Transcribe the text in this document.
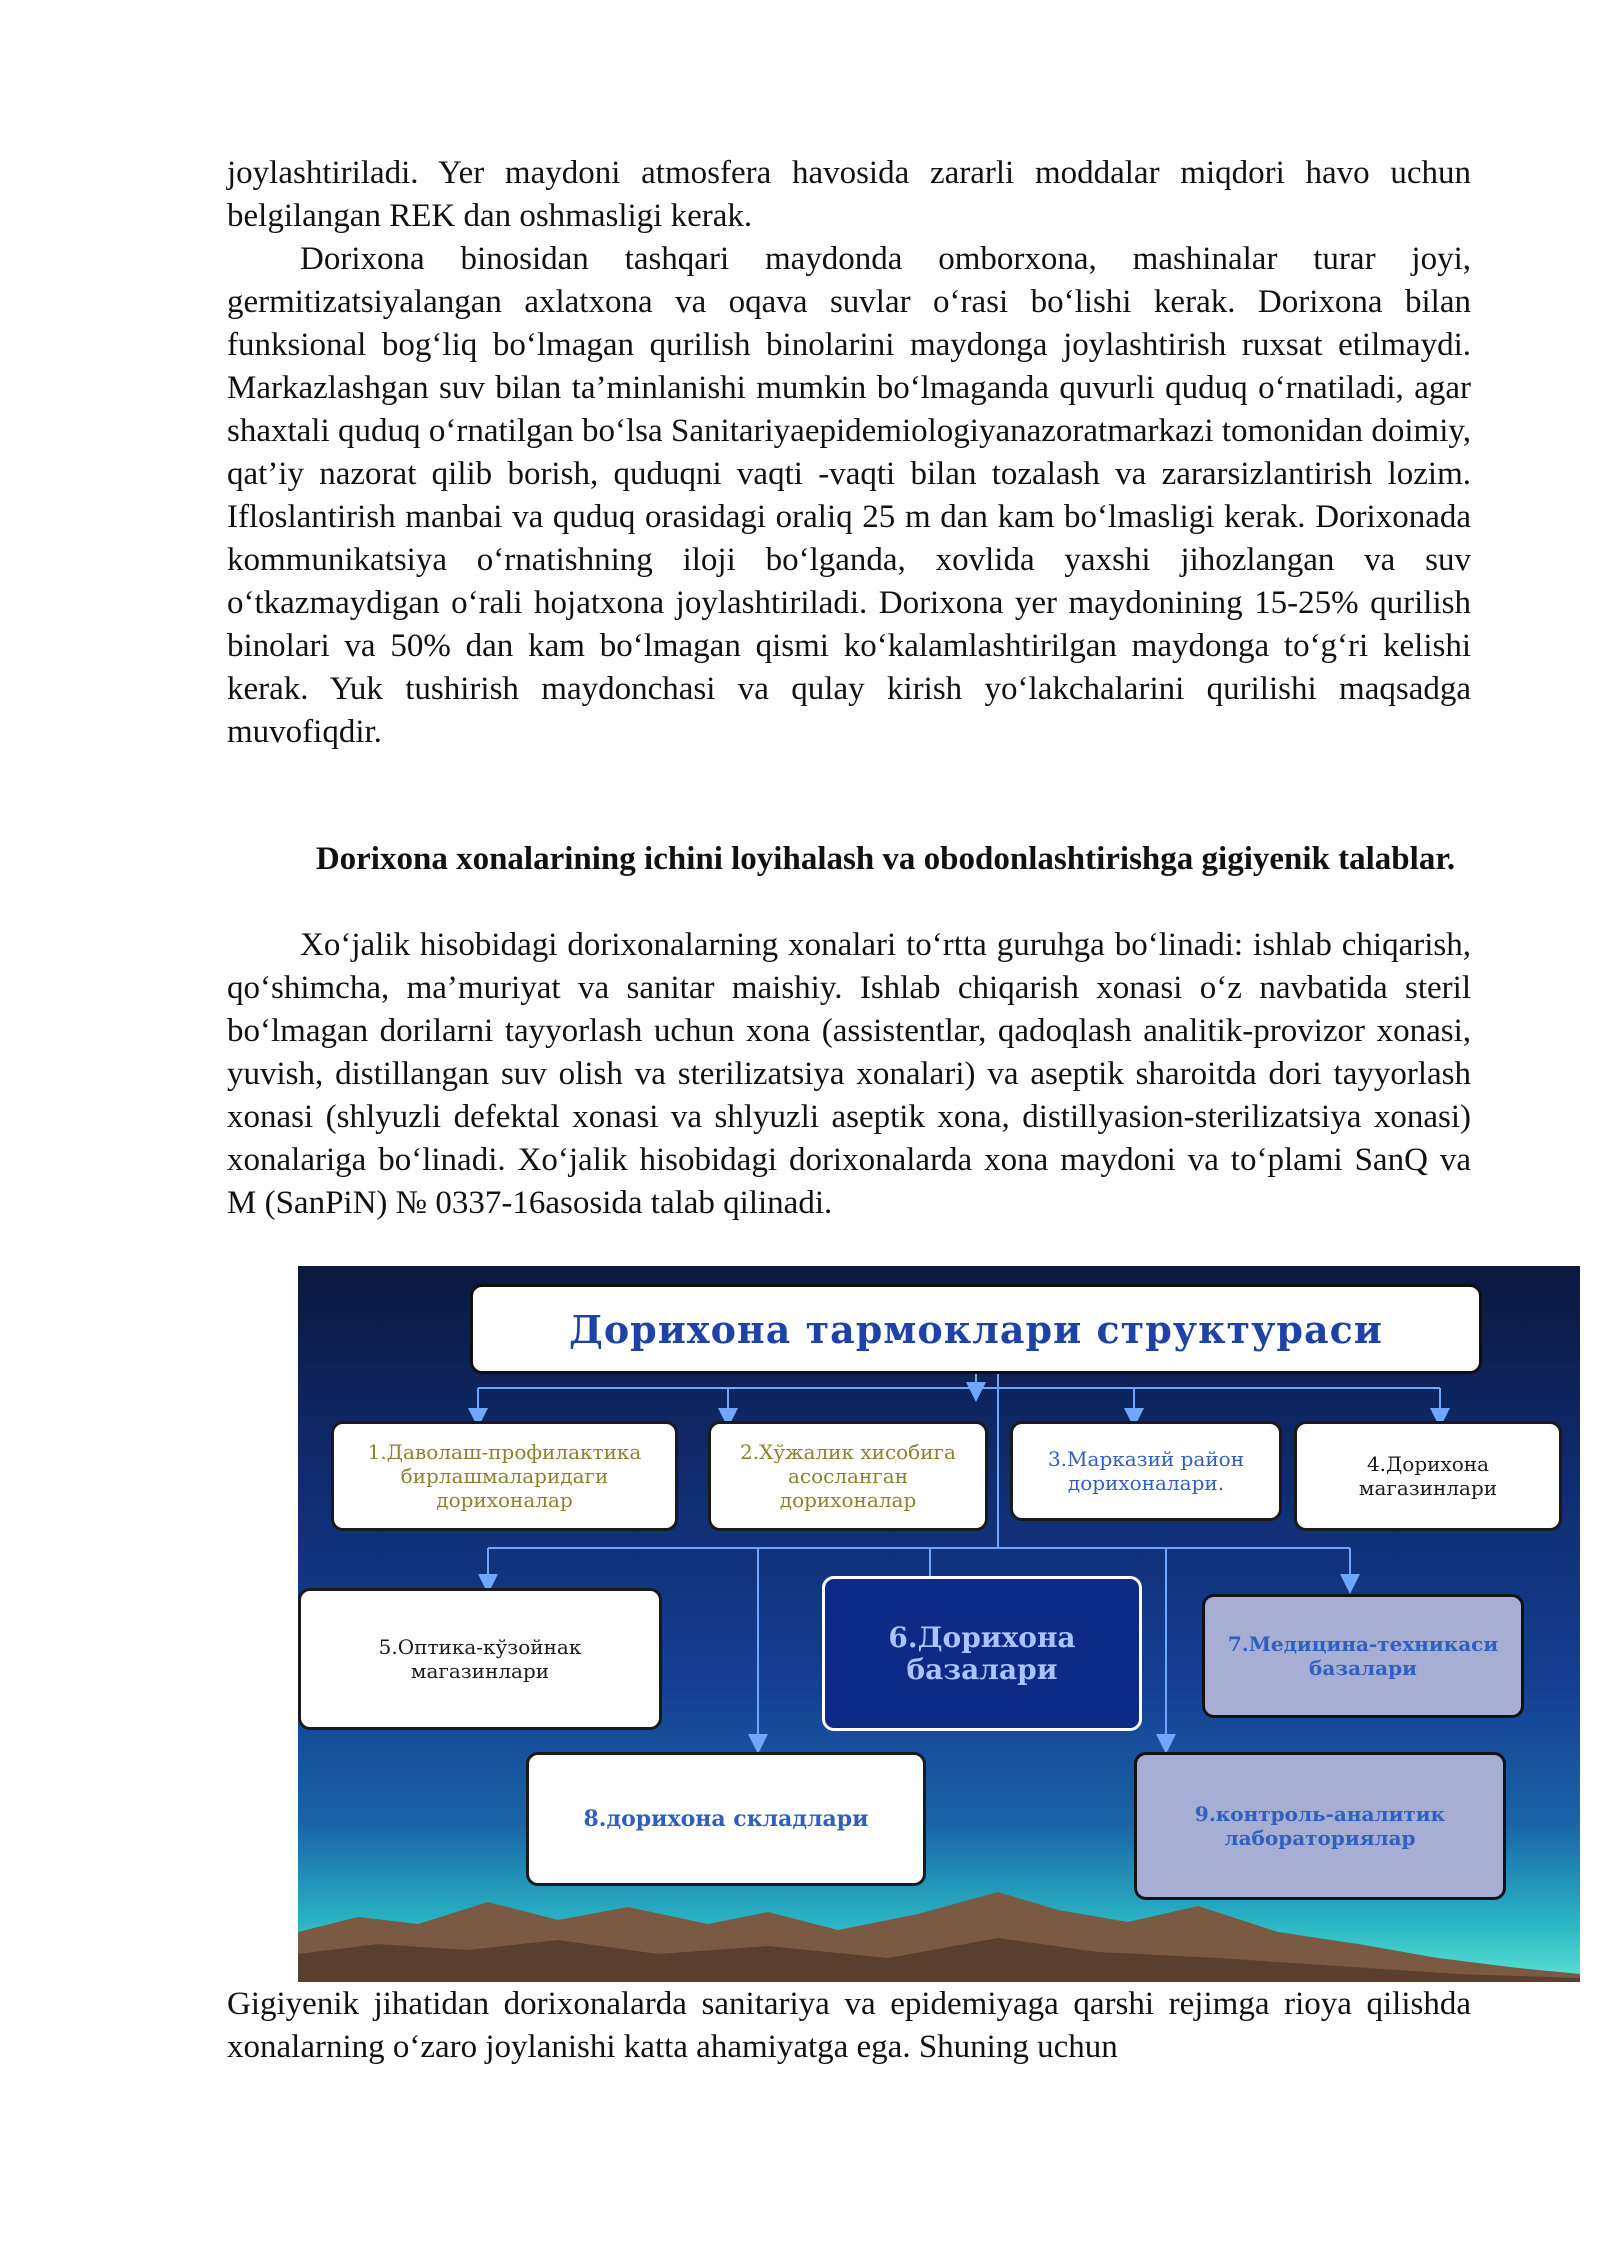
joylashtiriladi. Yer maydoni atmosfera havosida zararli moddalar miqdori havo uchun belgilangan REK dan oshmasligi kerak.

Dorixona binosidan tashqari maydonda omborxona, mashinalar turar joyi, germitizatsiyalangan axlatxona va oqava suvlar o‘rasi bo‘lishi kerak. Dorixona bilan funksional bog‘liq bo‘lmagan qurilish binolarini maydonga joylashtirish ruxsat etilmaydi. Markazlashgan suv bilan ta’minlanishi mumkin bo‘lmaganda quvurli quduq o‘rnatiladi, agar shaxtali quduq o‘rnatilgan bo‘lsa Sanitariyaepidemiologiyanazoratmarkazi tomonidan doimiy, qat’iy nazorat qilib borish, quduqni vaqti -vaqti bilan tozalash va zararsizlantirish lozim. Ifloslantirish manbai va quduq orasidagi oraliq 25 m dan kam bo‘lmasligi kerak. Dorixonada kommunikatsiya o‘rnatishning iloji bo‘lganda, xovlida yaxshi jihozlangan va suv o‘tkazmaydigan o‘rali hojatxona joylashtiriladi. Dorixona yer maydonining 15-25% qurilish binolari va 50% dan kam bo‘lmagan qismi ko‘kalamlashtirilgan maydonga to‘g‘ri kelishi kerak. Yuk tushirish maydonchasi va qulay kirish yo‘lakchalarini qurilishi maqsadga muvofiqdir.

Dorixona xonalarining ichini loyihalash va obodonlashtirishga gigiyenik talablar.

Xo‘jalik hisobidagi dorixonalarning xonalari to‘rtta guruhga bo‘linadi: ishlab chiqarish, qo‘shimcha, ma’muriyat va sanitar maishiy. Ishlab chiqarish xonasi o‘z navbatida steril bo‘lmagan dorilarni tayyorlash uchun xona (assistentlar, qadoqlash analitik-provizor xonasi, yuvish, distillangan suv olish va sterilizatsiya xonalari) va aseptik sharoitda dori tayyorlash xonasi (shlyuzli defektal xonasi va shlyuzli aseptik xona, distillyasion-sterilizatsiya xonasi) xonalariga bo‘linadi. Xo‘jalik hisobidagi dorixonalarda xona maydoni va to‘plami SanQ va M (SanPiN) № 0337-16asosida talab qilinadi.

Дорихона тармоклари структураси
1.Даволаш-профилактика
бирлашмаларидаги
дорихоналар
2.Хўжалик хисобига
асосланган
дорихоналар
3.Марказий район
дорихоналари.
4.Дорихона
магазинлари
5.Оптика-кўзойнак
магазинлари
6.Дорихона
базалари
7.Медицина-техникаси
базалари
8.дорихона складлари	9.контроль-аналитик
лабораториялар

Gigiyenik jihatidan dorixonalarda sanitariya va epidemiyaga qarshi rejimga rioya qilishda xonalarning o‘zaro joylanishi katta ahamiyatga ega. Shuning uchun
